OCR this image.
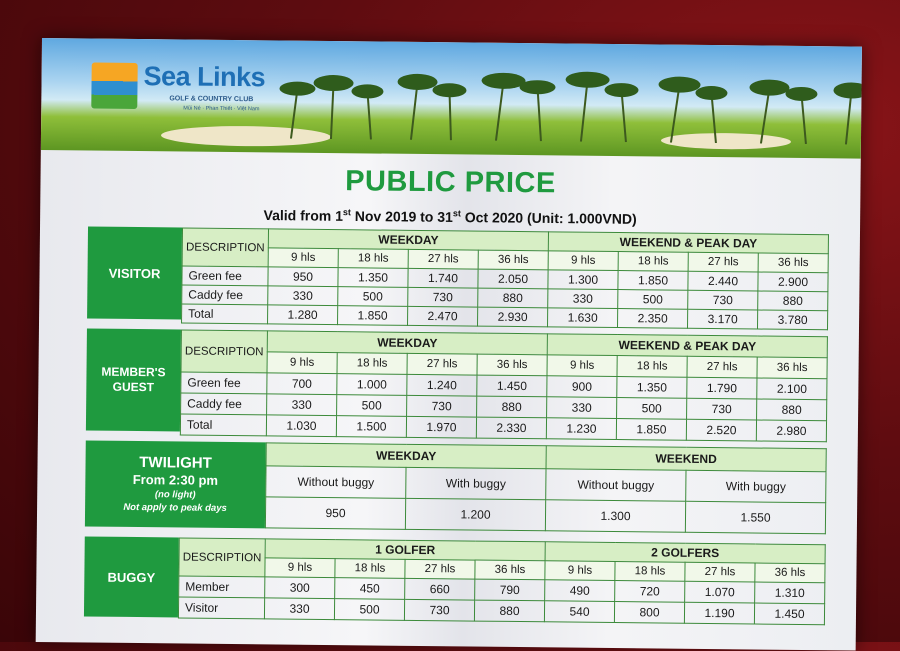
Sea Links
GOLF & COUNTRY CLUB
Mũi Né · Phan Thiết · Việt Nam
PUBLIC PRICE
Valid from 1st Nov 2019 to 31st Oct 2020 (Unit: 1.000VND)
VISITOR
DESCRIPTION	WEEKDAY				WEEKEND & PEAK DAY			
	9 hls	18 hls	27 hls	36 hls	9 hls	18 hls	27 hls	36 hls
Green fee	950	1.350	1.740	2.050	1.300	1.850	2.440	2.900
Caddy fee	330	500	730	880	330	500	730	880
Total	1.280	1.850	2.470	2.930	1.630	2.350	3.170	3.780
MEMBER'S
GUEST
DESCRIPTION	WEEKDAY				WEEKEND & PEAK DAY			
	9 hls	18 hls	27 hls	36 hls	9 hls	18 hls	27 hls	36 hls
Green fee	700	1.000	1.240	1.450	900	1.350	1.790	2.100
Caddy fee	330	500	730	880	330	500	730	880
Total	1.030	1.500	1.970	2.330	1.230	1.850	2.520	2.980
TWILIGHT
From 2:30 pm
(no light)
Not apply to peak days
WEEKDAY		WEEKEND	
Without buggy	With buggy	Without buggy	With buggy
950	1.200	1.300	1.550
BUGGY
DESCRIPTION	1 GOLFER				2 GOLFERS			
	9 hls	18 hls	27 hls	36 hls	9 hls	18 hls	27 hls	36 hls
Member	300	450	660	790	490	720	1.070	1.310
Visitor	330	500	730	880	540	800	1.190	1.450
